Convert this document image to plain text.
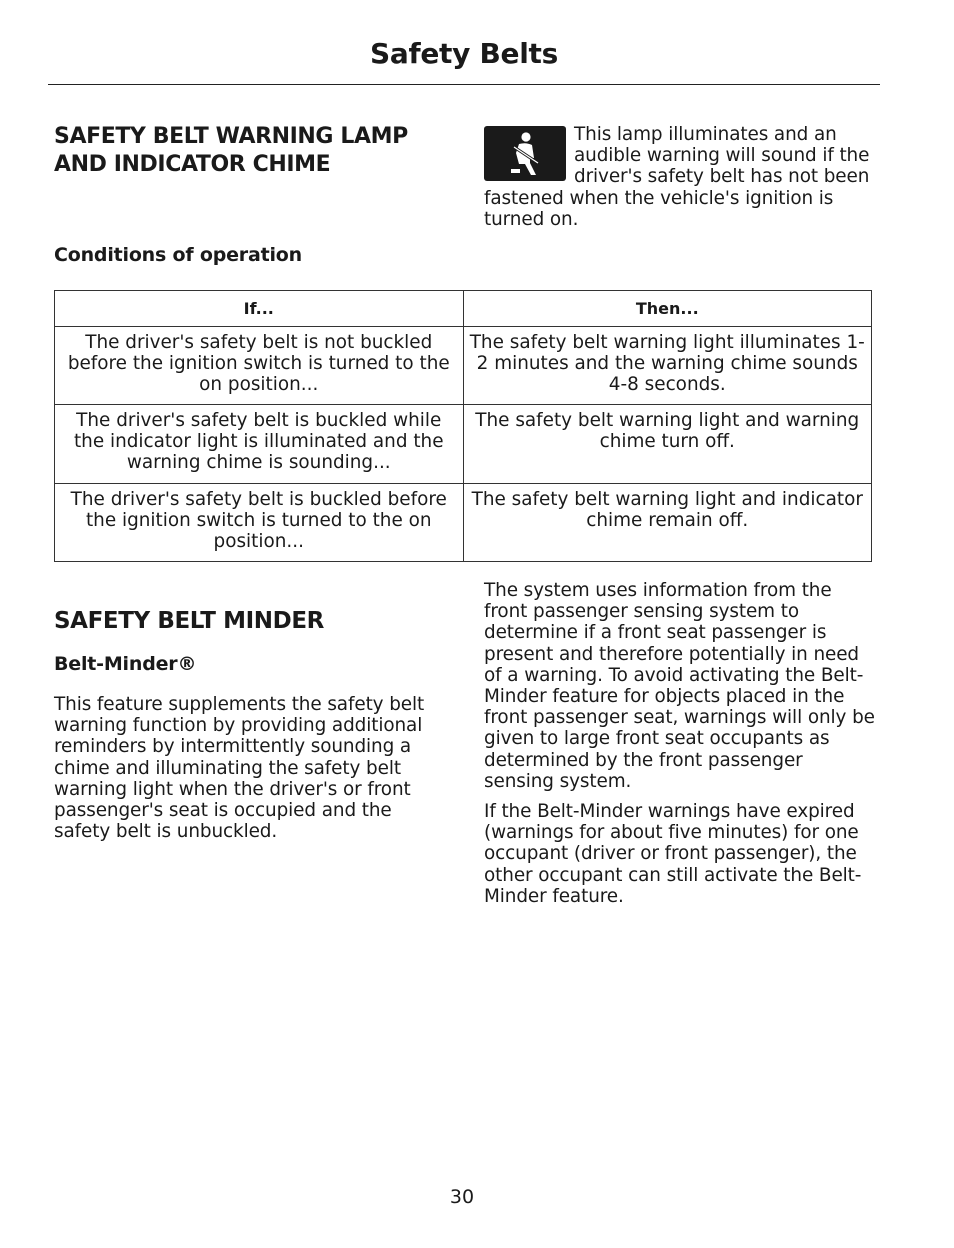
Safety Belts
SAFETY BELT WARNING LAMP AND INDICATOR CHIME
This lamp illuminates and an audible warning will sound if the driver's safety belt has not been fastened when the vehicle's ignition is turned on.
Conditions of operation
If...	Then...
The driver's safety belt is not buckled before the ignition switch is turned to the on position...	The safety belt warning light illuminates 1-2 minutes and the warning chime sounds 4-8 seconds.
The driver's safety belt is buckled while the indicator light is illuminated and the warning chime is sounding...	The safety belt warning light and warning chime turn off.
The driver's safety belt is buckled before the ignition switch is turned to the on position...	The safety belt warning light and indicator chime remain off.
SAFETY BELT MINDER
Belt-Minder®

This feature supplements the safety belt warning function by providing additional reminders by intermittently sounding a chime and illuminating the safety belt warning light when the driver's or front passenger's seat is occupied and the safety belt is unbuckled.

The system uses information from the front passenger sensing system to determine if a front seat passenger is present and therefore potentially in need of a warning. To avoid activating the Belt-Minder feature for objects placed in the front passenger seat, warnings will only be given to large front seat occupants as determined by the front passenger sensing system.

If the Belt-Minder warnings have expired (warnings for about five minutes) for one occupant (driver or front passenger), the other occupant can still activate the Belt-Minder feature.

30
